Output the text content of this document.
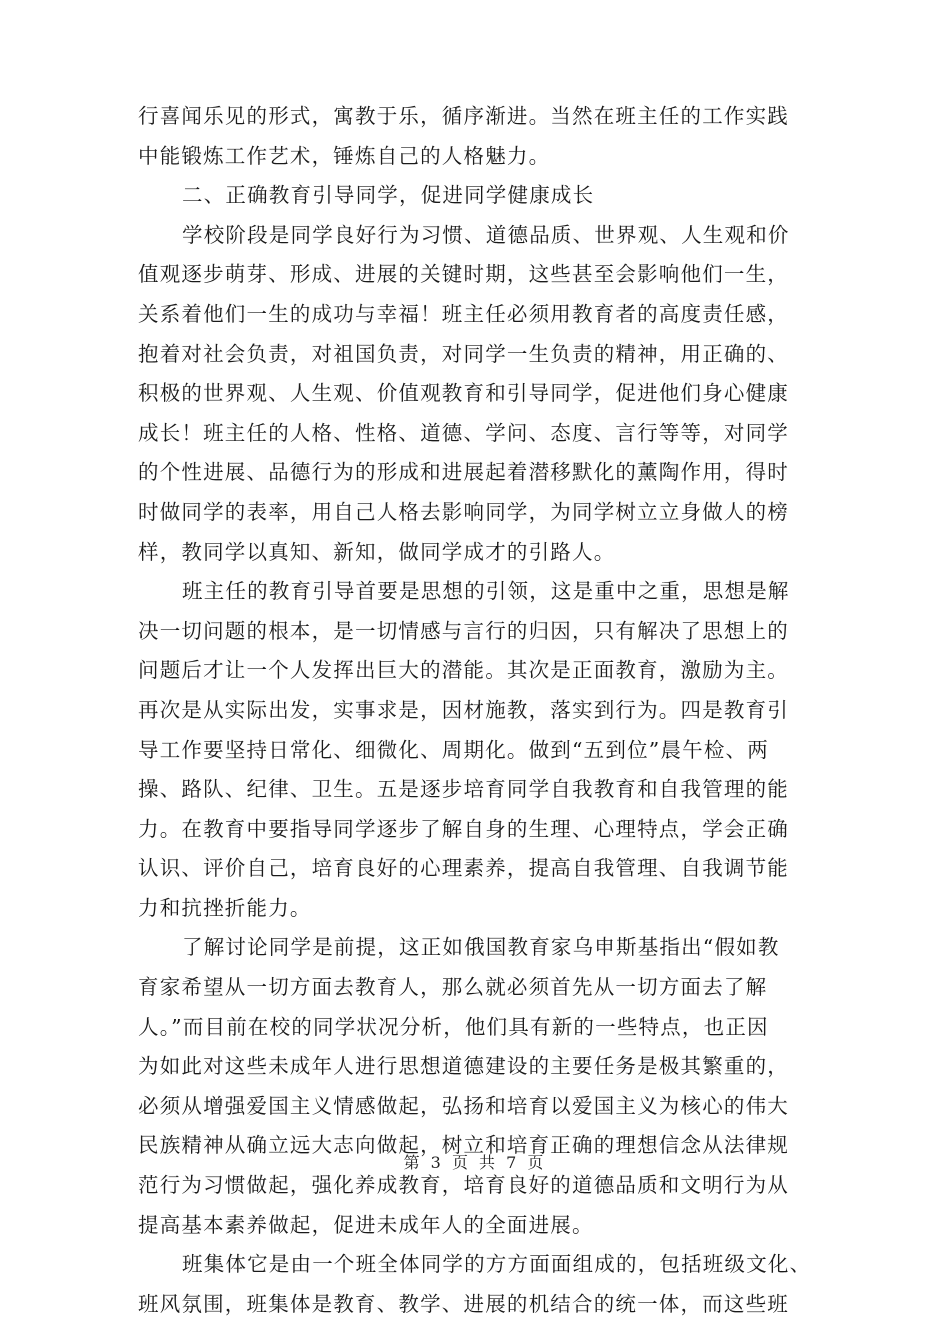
行喜闻乐见的形式，寓教于乐，循序渐进。当然在班主任的工作实践
中能锻炼工作艺术，锤炼自己的人格魅力。
二、正确教育引导同学，促进同学健康成长
学校阶段是同学良好行为习惯、道德品质、世界观、人生观和价
值观逐步萌芽、形成、进展的关键时期，这些甚至会影响他们一生，
关系着他们一生的成功与幸福！班主任必须用教育者的高度责任感，
抱着对社会负责，对祖国负责，对同学一生负责的精神，用正确的、
积极的世界观、人生观、价值观教育和引导同学，促进他们身心健康
成长！班主任的人格、性格、道德、学问、态度、言行等等，对同学
的个性进展、品德行为的形成和进展起着潜移默化的薰陶作用，得时
时做同学的表率，用自己人格去影响同学，为同学树立立身做人的榜
样，教同学以真知、新知，做同学成才的引路人。
班主任的教育引导首要是思想的引领，这是重中之重，思想是解
决一切问题的根本，是一切情感与言行的归因，只有解决了思想上的
问题后才让一个人发挥出巨大的潜能。其次是正面教育，激励为主。
再次是从实际出发，实事求是，因材施教，落实到行为。四是教育引
导工作要坚持日常化、细微化、周期化。做到“五到位”晨午检、两
操、路队、纪律、卫生。五是逐步培育同学自我教育和自我管理的能
力。在教育中要指导同学逐步了解自身的生理、心理特点，学会正确
认识、评价自己，培育良好的心理素养，提高自我管理、自我调节能
力和抗挫折能力。
了解讨论同学是前提，这正如俄国教育家乌申斯基指出“假如教
育家希望从一切方面去教育人，那么就必须首先从一切方面去了解
人。”而目前在校的同学状况分析，他们具有新的一些特点，也正因
为如此对这些未成年人进行思想道德建设的主要任务是极其繁重的，
必须从增强爱国主义情感做起，弘扬和培育以爱国主义为核心的伟大
民族精神从确立远大志向做起，树立和培育正确的理想信念从法律规
范行为习惯做起，强化养成教育，培育良好的道德品质和文明行为从
提高基本素养做起，促进未成年人的全面进展。
班集体它是由一个班全体同学的方方面面组成的，包括班级文化、
班风氛围，班集体是教育、教学、进展的机结合的统一体，而这些班
第 3 页 共 7 页
